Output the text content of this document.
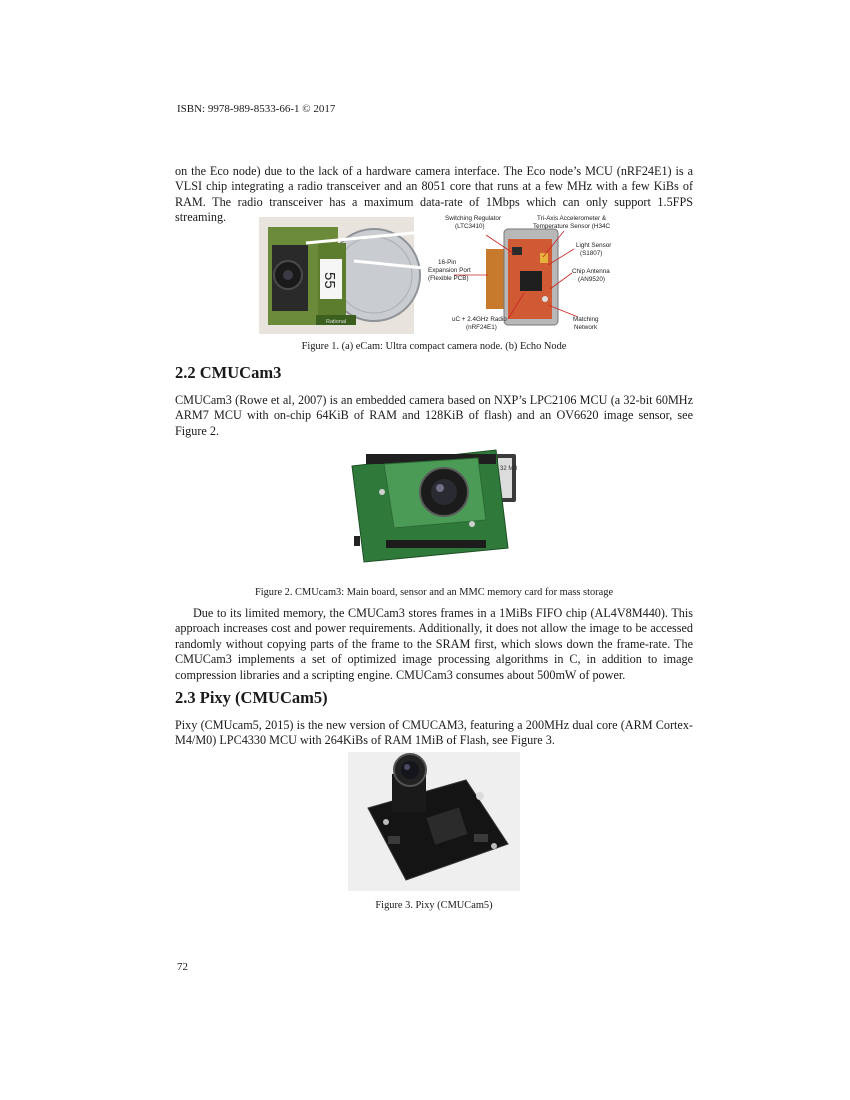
ISBN: 9978-989-8533-66-1 © 2017

on the Eco node) due to the lack of a hardware camera interface. The Eco node’s MCU (nRF24E1) is a VLSI chip integrating a radio transceiver and an 8051 core that runs at a few MHz with a few KiBs of RAM. The radio transceiver has a maximum data-rate of 1Mbps which can only support 1.5FPS streaming.

55
Rational
Switching Regulator
(LTC3410)
Tri-Axis Accelerometer &
Temperature Sensor (H34C
Light Sensor
(S1807)
16-Pin
Expansion Port
(Flexible PCB)
Chip Antenna
(AN9520)
uC + 2.4GHz Radio
(nRF24E1)
Matching
Network

Figure 1. (a) eCam: Ultra compact camera node. (b) Echo Node

2.2 CMUCam3

CMUCam3 (Rowe et al, 2007) is an embedded camera based on NXP’s LPC2106 MCU (a 32-bit 60MHz ARM7 MCU with on-chip 64KiB of RAM and 128KiB of flash) and an OV6620 image sensor, see Figure 2.

32 MB

Figure 2. CMUcam3: Main board, sensor and an MMC memory card for mass storage

Due to its limited memory, the CMUCam3 stores frames in a 1MiBs FIFO chip (AL4V8M440). This approach increases cost and power requirements. Additionally, it does not allow the image to be accessed randomly without copying parts of the frame to the SRAM first, which slows down the frame-rate. The CMUCam3 implements a set of optimized image processing algorithms in C, in addition to image compression libraries and a scripting engine. CMUCam3 consumes about 500mW of power.

2.3 Pixy (CMUCam5)

Pixy (CMUcam5, 2015) is the new version of CMUCAM3, featuring a 200MHz dual core (ARM Cortex-M4/M0) LPC4330 MCU with 264KiBs of RAM 1MiB of Flash, see Figure 3.

Figure 3. Pixy (CMUCam5)

72
